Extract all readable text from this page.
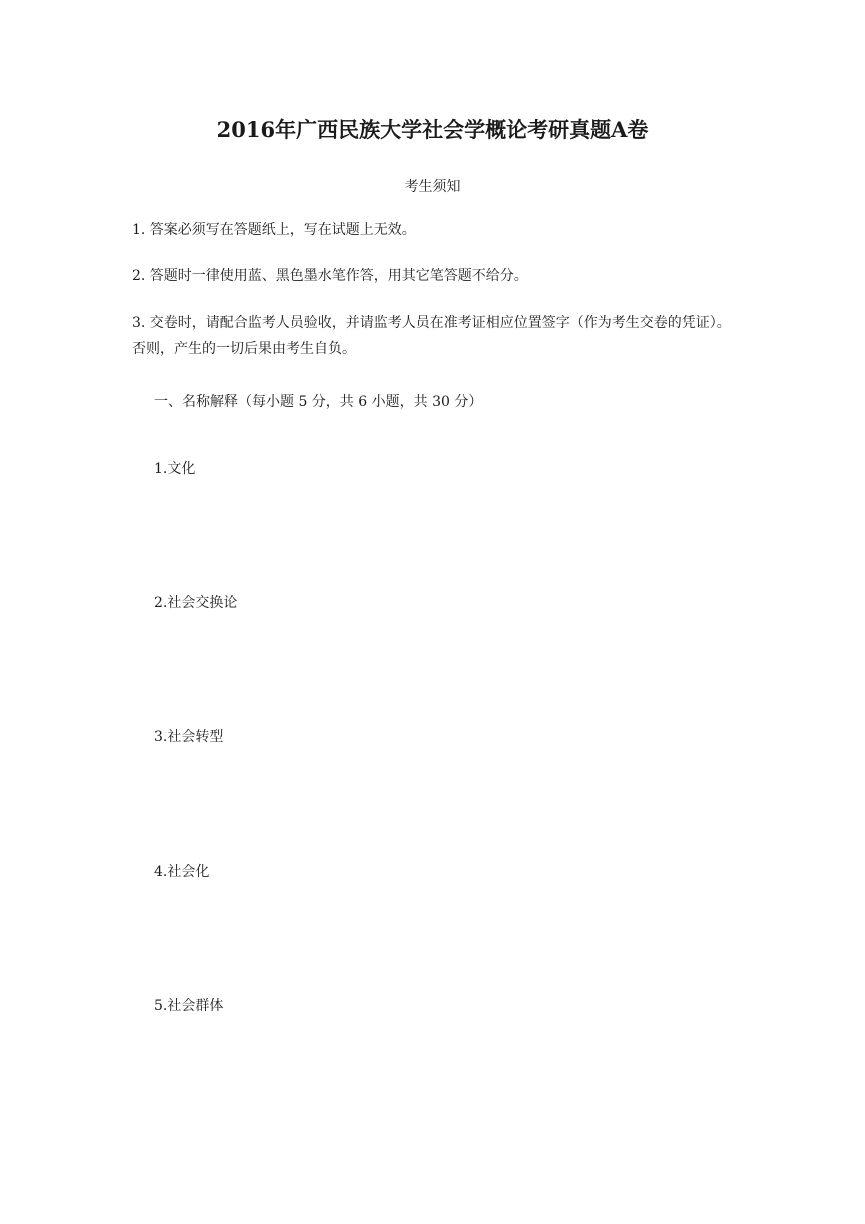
2016年广西民族大学社会学概论考研真题A卷
考生须知
1. 答案必须写在答题纸上，写在试题上无效。
2. 答题时一律使用蓝、黑色墨水笔作答，用其它笔答题不给分。
3. 交卷时，请配合监考人员验收，并请监考人员在准考证相应位置签字（作为考生交卷的凭证）。否则，产生的一切后果由考生自负。
一、名称解释（每小题 5 分，共 6 小题，共 30 分）
1.文化
2.社会交换论
3.社会转型
4.社会化
5.社会群体
